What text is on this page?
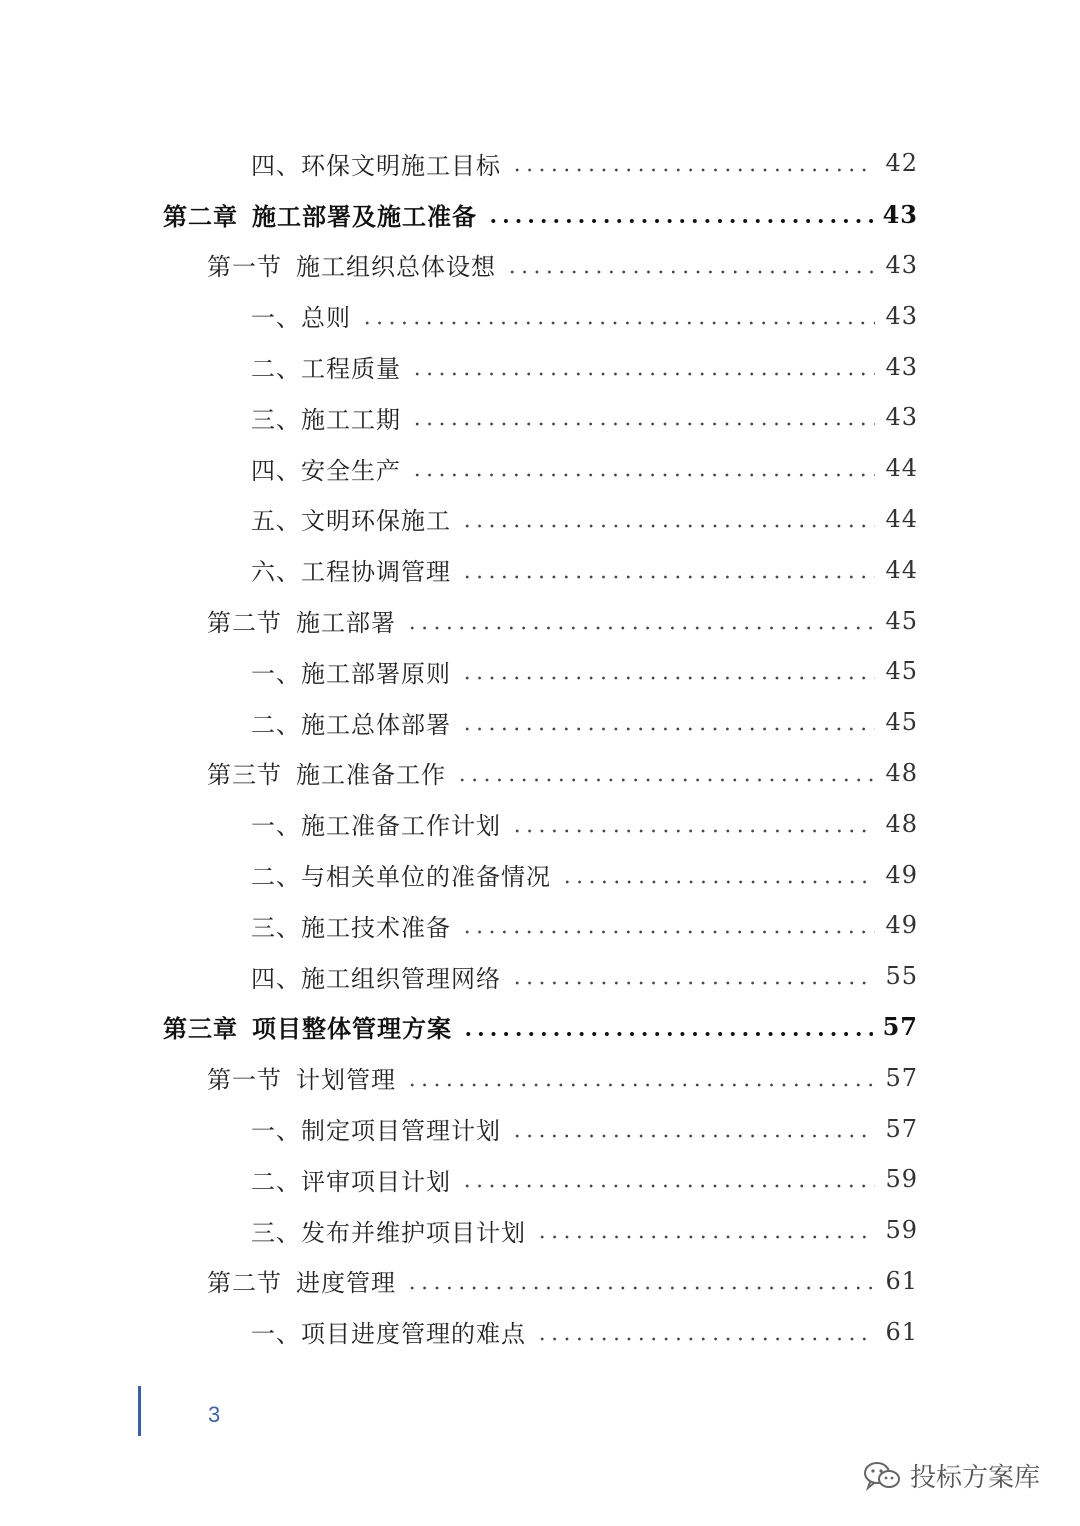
四、环保文明施工目标	42
第二章 施工部署及施工准备	43
第一节 施工组织总体设想	43
一、总则	43
二、工程质量	43
三、施工工期	43
四、安全生产	44
五、文明环保施工	44
六、工程协调管理	44
第二节 施工部署	45
一、施工部署原则	45
二、施工总体部署	45
第三节 施工准备工作	48
一、施工准备工作计划	48
二、与相关单位的准备情况	49
三、施工技术准备	49
四、施工组织管理网络	55
第三章 项目整体管理方案	57
第一节 计划管理	57
一、制定项目管理计划	57
二、评审项目计划	59
三、发布并维护项目计划	59
第二节 进度管理	61
一、项目进度管理的难点	61
3
投标方案库
